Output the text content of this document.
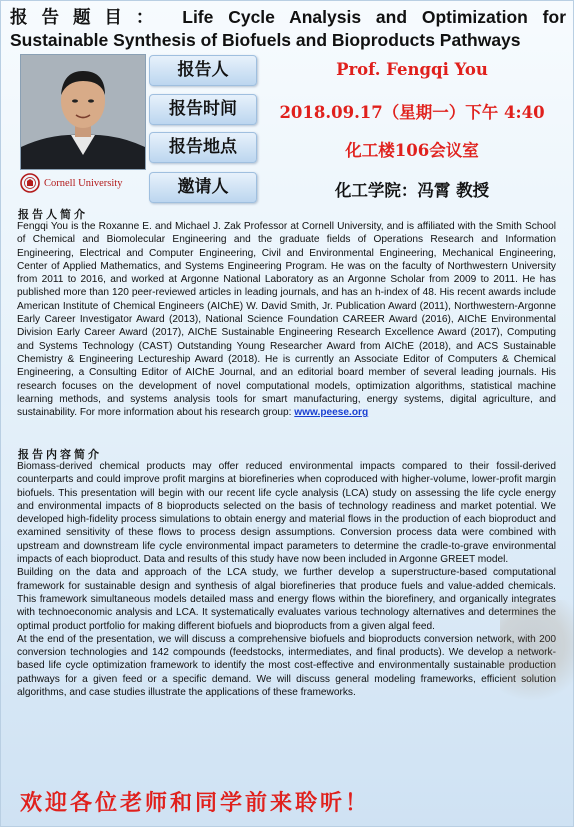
报告题目： Life Cycle Analysis and Optimization for
Sustainable Synthesis of Biofuels and Bioproducts Pathways
Cornell University
报告人
报告时间
报告地点
邀请人
Prof. Fengqi You
2018.09.17（星期一）下午 4:40
化工楼106会议室
化工学院：冯霄 教授
报告人简介

Fengqi You is the Roxanne E. and Michael J. Zak Professor at Cornell University, and is affiliated with the Smith School of Chemical and Biomolecular Engineering and the graduate fields of Operations Research and Information Engineering, Electrical and Computer Engineering, Civil and Environmental Engineering, Mechanical Engineering, Center of Applied Mathematics, and Systems Engineering Program. He was on the faculty of Northwestern University from 2011 to 2016, and worked at Argonne National Laboratory as an Argonne Scholar from 2009 to 2011. He has published more than 120 peer-reviewed articles in leading journals, and has an h-index of 48. His recent awards include American Institute of Chemical Engineers (AIChE) W. David Smith, Jr. Publication Award (2011), Northwestern-Argonne Early Career Investigator Award (2013), National Science Foundation CAREER Award (2016), AIChE Environmental Division Early Career Award (2017), AIChE Sustainable Engineering Research Excellence Award (2017), Computing and Systems Technology (CAST) Outstanding Young Researcher Award from AIChE (2018), and ACS Sustainable Chemistry & Engineering Lectureship Award (2018). He is currently an Associate Editor of Computers & Chemical Engineering, a Consulting Editor of AIChE Journal, and an editorial board member of several leading journals. His research focuses on the development of novel computational models, optimization algorithms, statistical machine learning methods, and systems analysis tools for smart manufacturing, energy systems, digital agriculture, and sustainability. For more information about his research group: www.peese.org

报告内容简介

Biomass-derived chemical products may offer reduced environmental impacts compared to their fossil-derived counterparts and could improve profit margins at biorefineries when coproduced with higher-volume, lower-profit margin biofuels. This presentation will begin with our recent life cycle analysis (LCA) study on assessing the life cycle energy and environmental impacts of 8 bioproducts selected on the basis of technology readiness and market potential. We developed high-fidelity process simulations to obtain energy and material flows in the production of each bioproduct and examined sensitivity of these flows to process design assumptions. Conversion process data were combined with upstream and downstream life cycle environmental impact parameters to determine the cradle-to-grave environmental impacts of each bioproduct. Data and results of this study have now been included in Argonne GREET model.

Building on the data and approach of the LCA study, we further develop a superstructure-based computational framework for sustainable design and synthesis of algal biorefineries that produce fuels and value-added chemicals. This framework simultaneous models detailed mass and energy flows within the biorefinery, and organically integrates with technoeconomic analysis and LCA. It systematically evaluates various technology alternatives and determines the optimal product portfolio for making different biofuels and bioproducts from a given algal feed.

At the end of the presentation, we will discuss a comprehensive biofuels and bioproducts conversion network, with 200 conversion technologies and 142 compounds (feedstocks, intermediates, and final products). We develop a network-based life cycle optimization framework to identify the most cost-effective and environmentally sustainable production pathways for a given feed or a specific demand. We will discuss general modeling frameworks, efficient solution algorithms, and case studies illustrate the applications of these frameworks.

欢迎各位老师和同学前来聆听！
